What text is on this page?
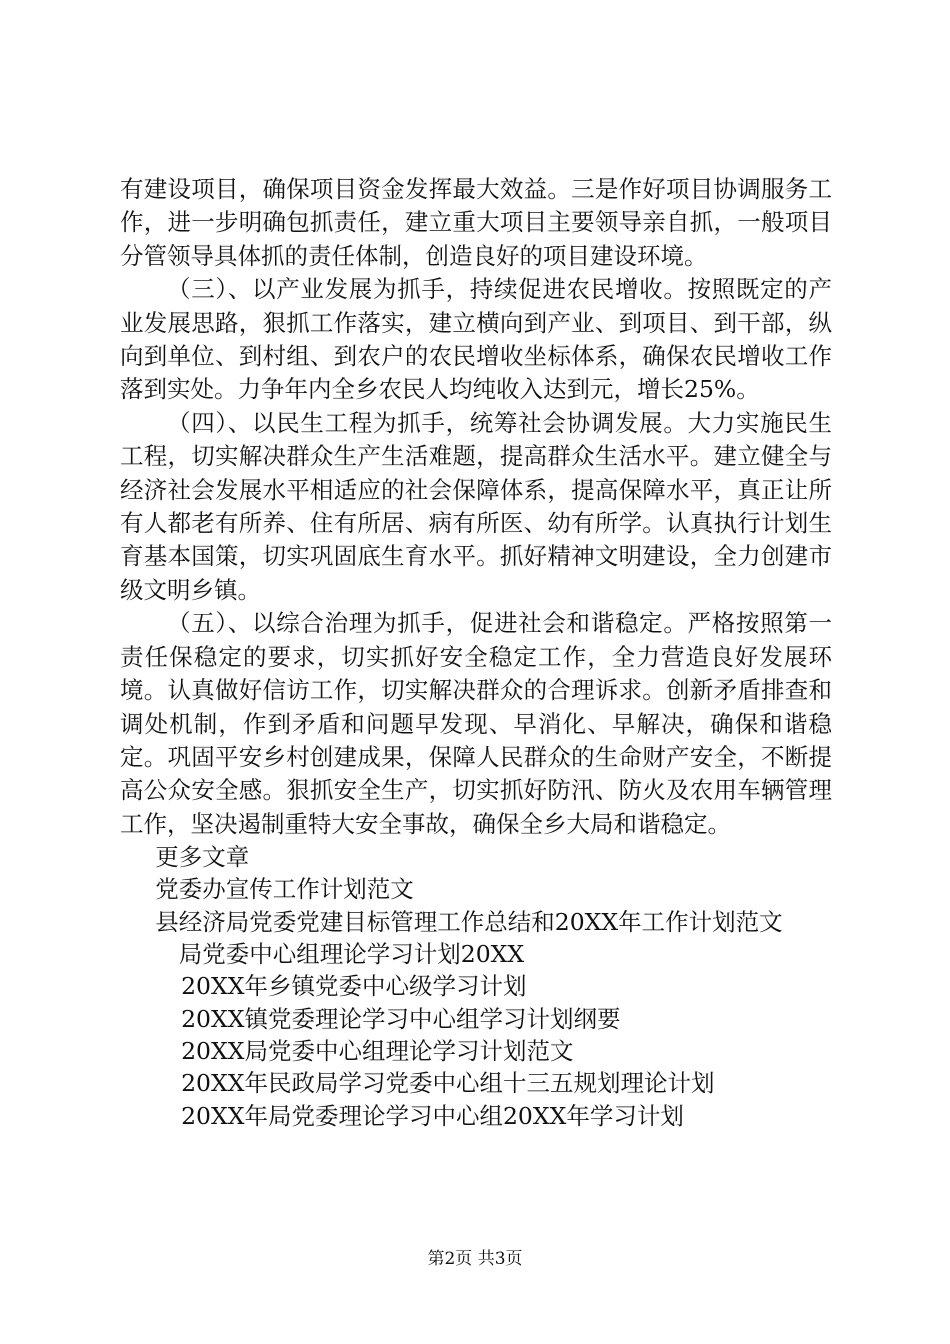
有建设项目，确保项目资金发挥最大效益。三是作好项目协调服务工作，进一步明确包抓责任，建立重大项目主要领导亲自抓，一般项目分管领导具体抓的责任体制，创造良好的项目建设环境。

（三）、以产业发展为抓手，持续促进农民增收。按照既定的产业发展思路，狠抓工作落实，建立横向到产业、到项目、到干部，纵向到单位、到村组、到农户的农民增收坐标体系，确保农民增收工作落到实处。力争年内全乡农民人均纯收入达到元，增长25%。

（四）、以民生工程为抓手，统筹社会协调发展。大力实施民生工程，切实解决群众生产生活难题，提高群众生活水平。建立健全与经济社会发展水平相适应的社会保障体系，提高保障水平，真正让所有人都老有所养、住有所居、病有所医、幼有所学。认真执行计划生育基本国策，切实巩固底生育水平。抓好精神文明建设，全力创建市级文明乡镇。

（五）、以综合治理为抓手，促进社会和谐稳定。严格按照第一责任保稳定的要求，切实抓好安全稳定工作，全力营造良好发展环境。认真做好信访工作，切实解决群众的合理诉求。创新矛盾排查和调处机制，作到矛盾和问题早发现、早消化、早解决，确保和谐稳定。巩固平安乡村创建成果，保障人民群众的生命财产安全，不断提高公众安全感。狠抓安全生产，切实抓好防汛、防火及农用车辆管理工作，坚决遏制重特大安全事故，确保全乡大局和谐稳定。

更多文章

党委办宣传工作计划范文

县经济局党委党建目标管理工作总结和20XX年工作计划范文

局党委中心组理论学习计划20XX

20XX年乡镇党委中心级学习计划

20XX镇党委理论学习中心组学习计划纲要

20XX局党委中心组理论学习计划范文

20XX年民政局学习党委中心组十三五规划理论计划

20XX年局党委理论学习中心组20XX年学习计划

第2页 共3页
